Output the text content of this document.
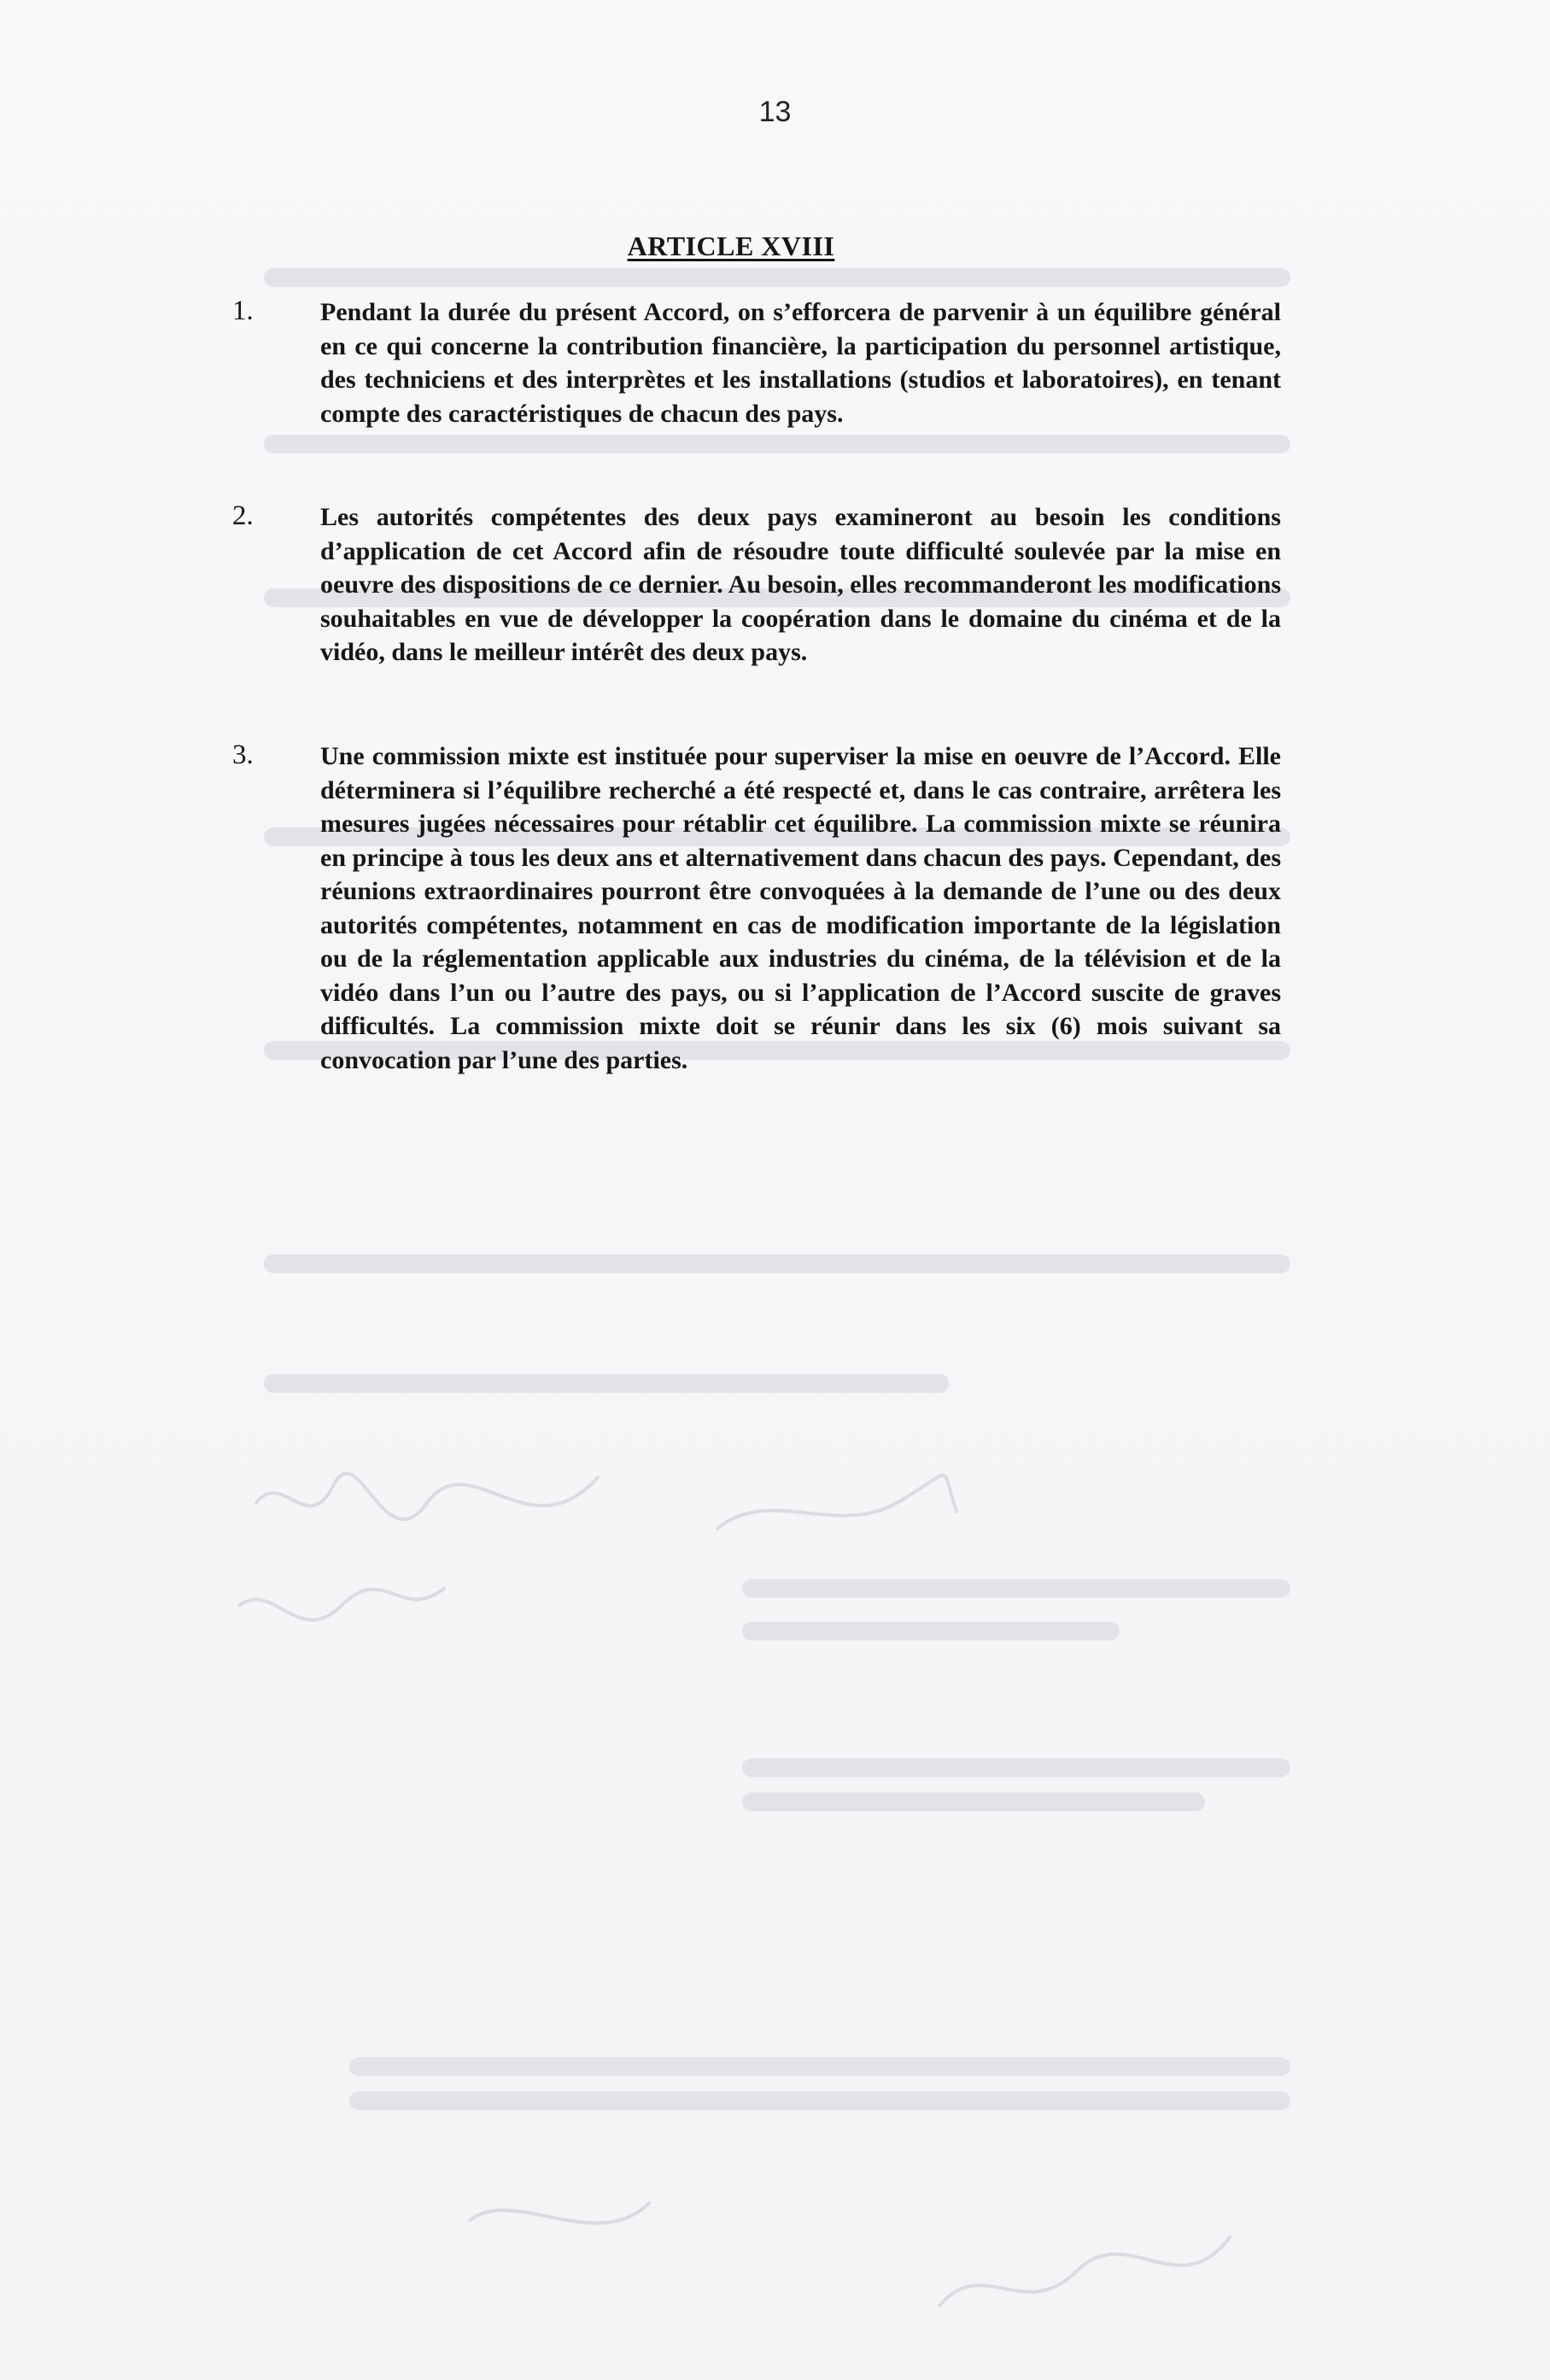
13
ARTICLE XVIII
1.	Pendant la durée du présent Accord, on s’efforcera de parvenir à un équilibre général en ce qui concerne la contribution financière, la participation du personnel artistique, des techniciens et des interprètes et les installations (studios et laboratoires), en tenant compte des caractéristiques de chacun des pays.

2.	Les autorités compétentes des deux pays examineront au besoin les conditions d’application de cet Accord afin de résoudre toute difficulté soulevée par la mise en oeuvre des dispositions de ce dernier. Au besoin, elles recommanderont les modifications souhaitables en vue de développer la coopération dans le domaine du cinéma et de la vidéo, dans le meilleur intérêt des deux pays.

3.	Une commission mixte est instituée pour superviser la mise en oeuvre de l’Accord. Elle déterminera si l’équilibre recherché a été respecté et, dans le cas contraire, arrêtera les mesures jugées nécessaires pour rétablir cet équilibre. La commission mixte se réunira en principe à tous les deux ans et alternativement dans chacun des pays. Cependant, des réunions extraordinaires pourront être convoquées à la demande de l’une ou des deux autorités compétentes, notamment en cas de modification importante de la législation ou de la réglementation applicable aux industries du cinéma, de la télévision et de la vidéo dans l’un ou l’autre des pays, ou si l’application de l’Accord suscite de graves difficultés. La commission mixte doit se réunir dans les six (6) mois suivant sa convocation par l’une des parties.
